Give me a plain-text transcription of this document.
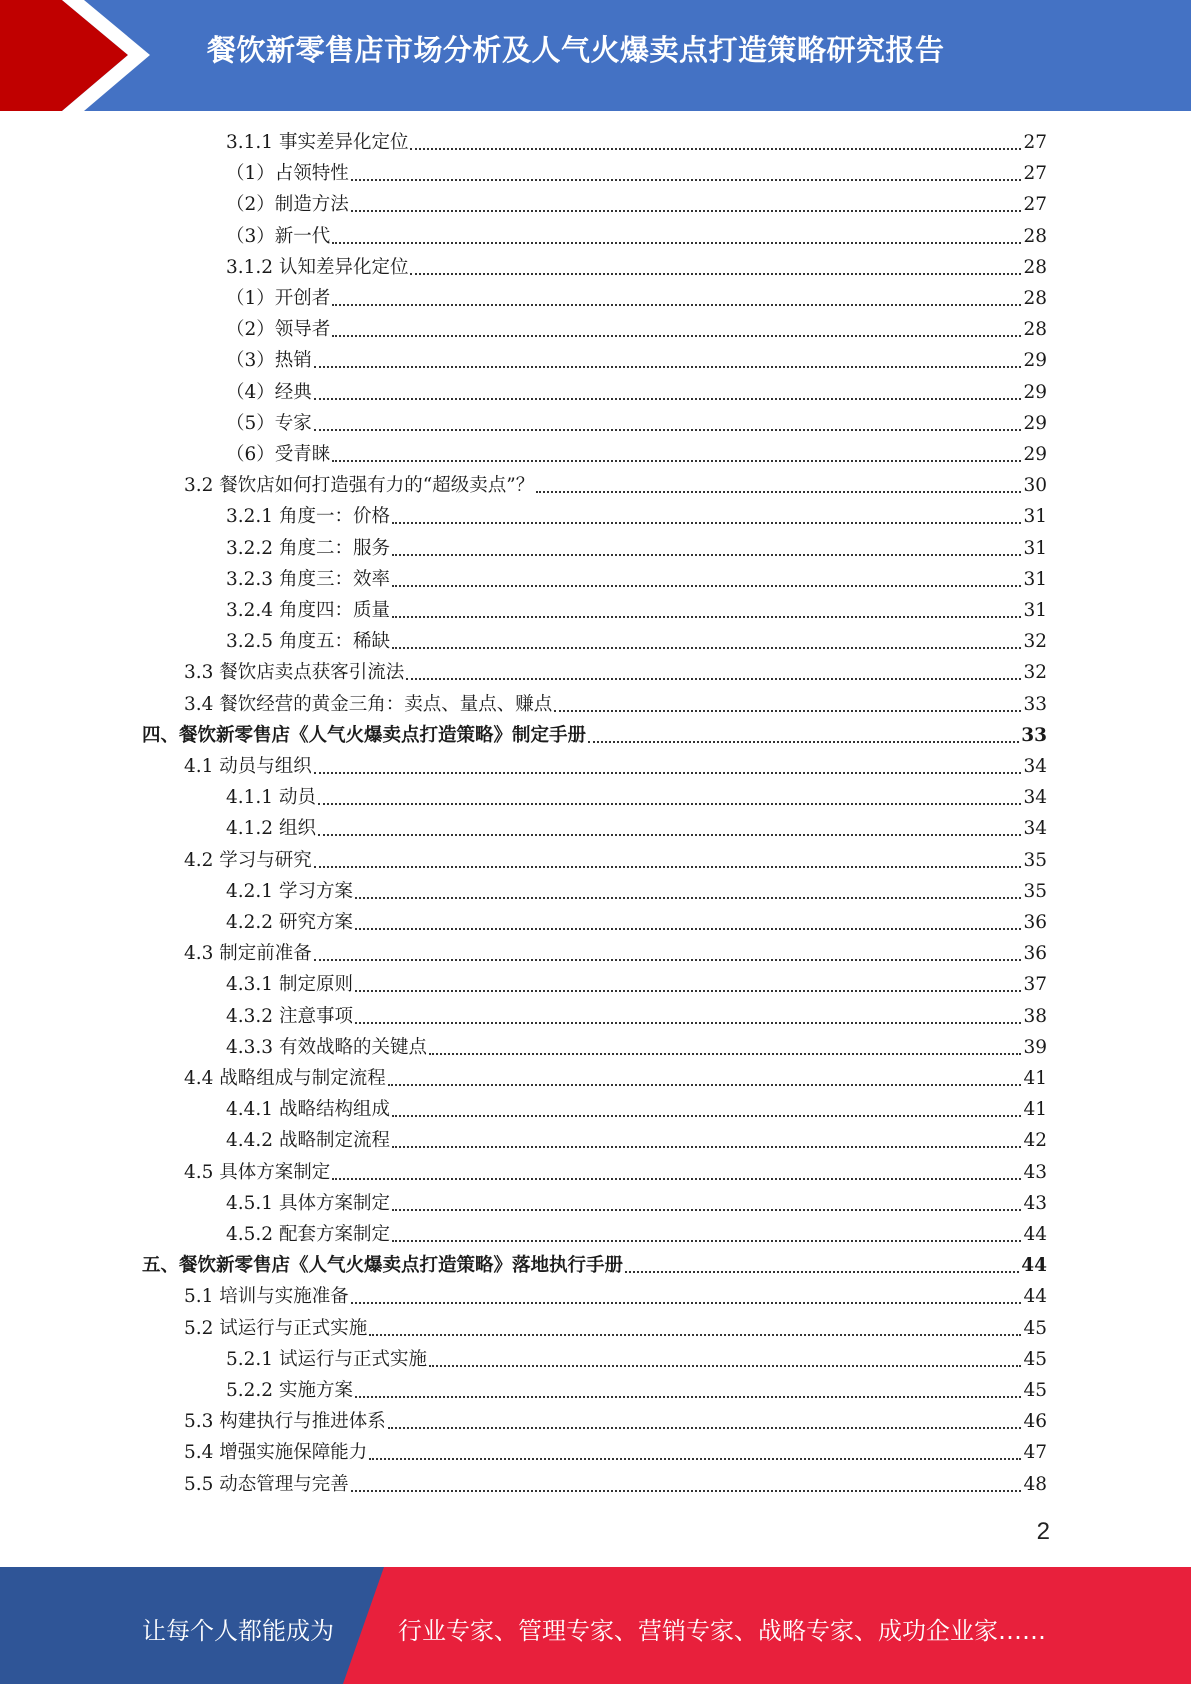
餐饮新零售店市场分析及人气火爆卖点打造策略研究报告
3.1.1 事实差异化定位	27
（1）占领特性	27
（2）制造方法	27
（3）新一代	28
3.1.2 认知差异化定位	28
（1）开创者	28
（2）领导者	28
（3）热销	29
（4）经典	29
（5）专家	29
（6）受青睐	29
3.2 餐饮店如何打造强有力的“超级卖点”？	30
3.2.1 角度一：价格	31
3.2.2 角度二：服务	31
3.2.3 角度三：效率	31
3.2.4 角度四：质量	31
3.2.5 角度五：稀缺	32
3.3 餐饮店卖点获客引流法	32
3.4 餐饮经营的黄金三角：卖点、量点、赚点	33
四、餐饮新零售店《人气火爆卖点打造策略》制定手册	33
4.1 动员与组织	34
4.1.1 动员	34
4.1.2 组织	34
4.2 学习与研究	35
4.2.1 学习方案	35
4.2.2 研究方案	36
4.3 制定前准备	36
4.3.1 制定原则	37
4.3.2 注意事项	38
4.3.3 有效战略的关键点	39
4.4 战略组成与制定流程	41
4.4.1 战略结构组成	41
4.4.2 战略制定流程	42
4.5 具体方案制定	43
4.5.1 具体方案制定	43
4.5.2 配套方案制定	44
五、餐饮新零售店《人气火爆卖点打造策略》落地执行手册	44
5.1 培训与实施准备	44
5.2 试运行与正式实施	45
5.2.1 试运行与正式实施	45
5.2.2 实施方案	45
5.3 构建执行与推进体系	46
5.4 增强实施保障能力	47
5.5 动态管理与完善	48
2
让每个人都能成为	行业专家、管理专家、营销专家、战略专家、成功企业家……
